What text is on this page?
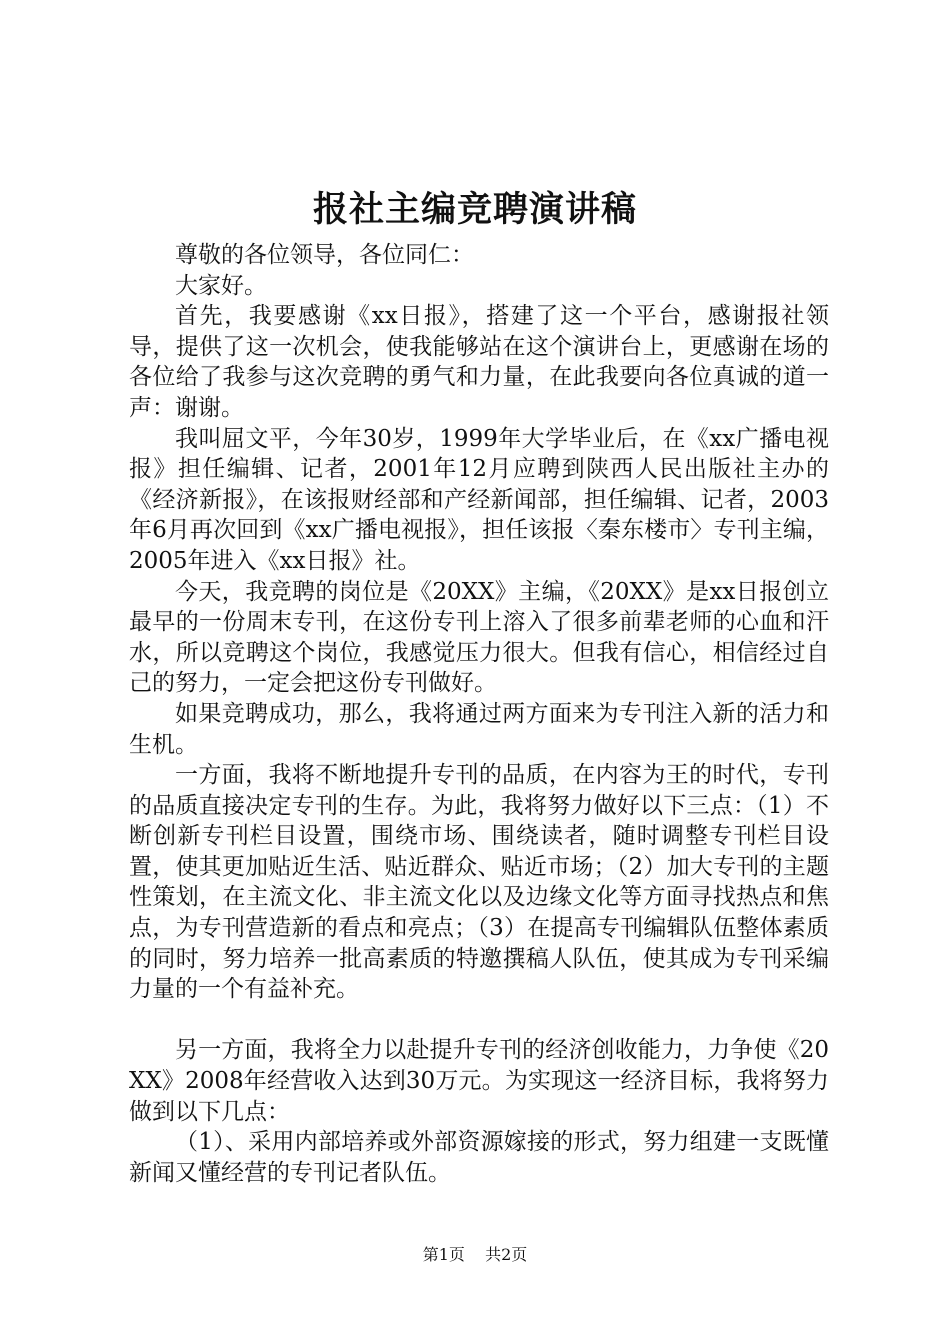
报社主编竞聘演讲稿

尊敬的各位领导，各位同仁：

大家好。

首先，我要感谢《xx日报》，搭建了这一个平台，感谢报社领导，提供了这一次机会，使我能够站在这个演讲台上，更感谢在场的各位给了我参与这次竞聘的勇气和力量，在此我要向各位真诚的道一声：谢谢。

我叫屈文平，今年30岁，1999年大学毕业后，在《xx广播电视报》担任编辑、记者，2001年12月应聘到陕西人民出版社主办的《经济新报》，在该报财经部和产经新闻部，担任编辑、记者，2003年6月再次回到《xx广播电视报》，担任该报〈秦东楼市〉专刊主编，2005年进入《xx日报》社。

今天，我竞聘的岗位是《20XX》主编，《20XX》是xx日报创立最早的一份周末专刊，在这份专刊上溶入了很多前辈老师的心血和汗水，所以竞聘这个岗位，我感觉压力很大。但我有信心，相信经过自己的努力，一定会把这份专刊做好。

如果竞聘成功，那么，我将通过两方面来为专刊注入新的活力和生机。

一方面，我将不断地提升专刊的品质，在内容为王的时代，专刊的品质直接决定专刊的生存。为此，我将努力做好以下三点：（1）不断创新专刊栏目设置，围绕市场、围绕读者，随时调整专刊栏目设置，使其更加贴近生活、贴近群众、贴近市场；（2）加大专刊的主题性策划，在主流文化、非主流文化以及边缘文化等方面寻找热点和焦点，为专刊营造新的看点和亮点；（3）在提高专刊编辑队伍整体素质的同时，努力培养一批高素质的特邀撰稿人队伍，使其成为专刊采编力量的一个有益补充。

另一方面，我将全力以赴提升专刊的经济创收能力，力争使《20XX》2008年经营收入达到30万元。为实现这一经济目标，我将努力做到以下几点：

（1）、采用内部培养或外部资源嫁接的形式，努力组建一支既懂新闻又懂经营的专刊记者队伍。

第1页 共2页
